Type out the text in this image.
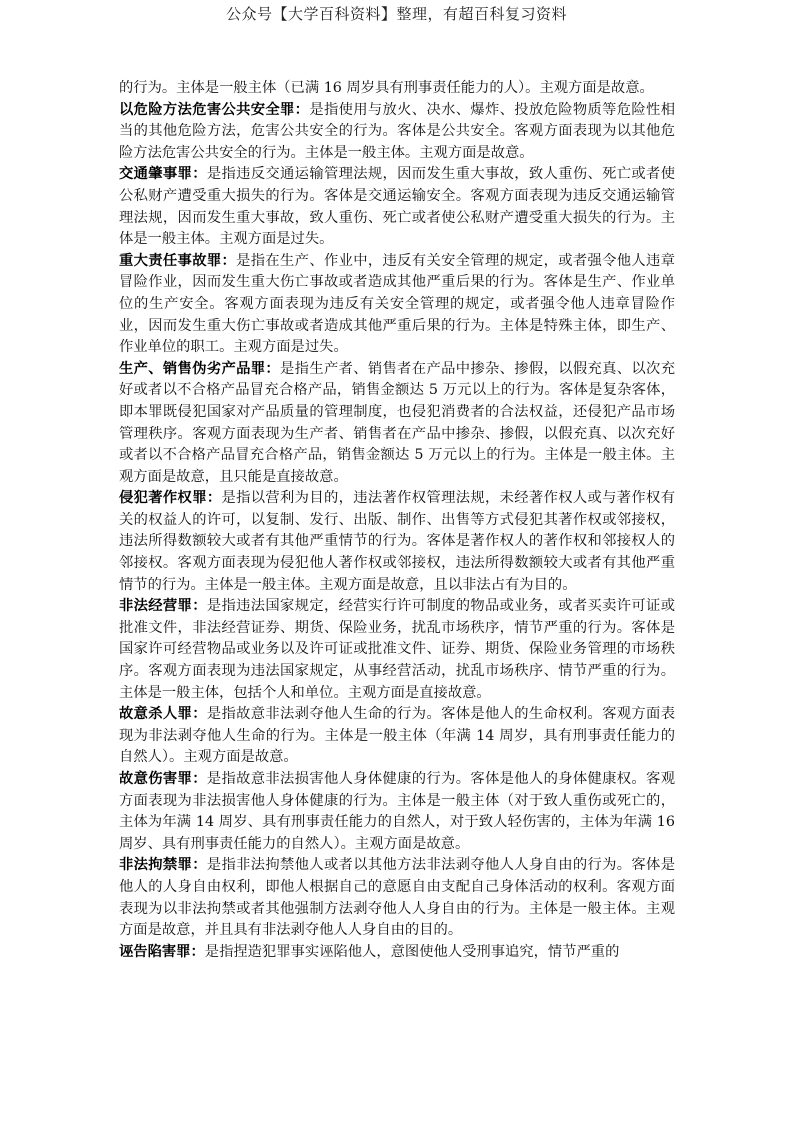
公众号【大学百科资料】整理，有超百科复习资料

的行为。主体是一般主体（已满 16 周岁具有刑事责任能力的人）。主观方面是故意。

以危险方法危害公共安全罪：是指使用与放火、决水、爆炸、投放危险物质等危险性相当的其他危险方法，危害公共安全的行为。客体是公共安全。客观方面表现为以其他危险方法危害公共安全的行为。主体是一般主体。主观方面是故意。

交通肇事罪：是指违反交通运输管理法规，因而发生重大事故，致人重伤、死亡或者使公私财产遭受重大损失的行为。客体是交通运输安全。客观方面表现为违反交通运输管理法规，因而发生重大事故，致人重伤、死亡或者使公私财产遭受重大损失的行为。主体是一般主体。主观方面是过失。

重大责任事故罪：是指在生产、作业中，违反有关安全管理的规定，或者强令他人违章冒险作业，因而发生重大伤亡事故或者造成其他严重后果的行为。客体是生产、作业单位的生产安全。客观方面表现为违反有关安全管理的规定，或者强令他人违章冒险作业，因而发生重大伤亡事故或者造成其他严重后果的行为。主体是特殊主体，即生产、作业单位的职工。主观方面是过失。

生产、销售伪劣产品罪：是指生产者、销售者在产品中掺杂、掺假，以假充真、以次充好或者以不合格产品冒充合格产品，销售金额达 5 万元以上的行为。客体是复杂客体，即本罪既侵犯国家对产品质量的管理制度，也侵犯消费者的合法权益，还侵犯产品市场管理秩序。客观方面表现为生产者、销售者在产品中掺杂、掺假，以假充真、以次充好或者以不合格产品冒充合格产品，销售金额达 5 万元以上的行为。主体是一般主体。主观方面是故意，且只能是直接故意。

侵犯著作权罪：是指以营利为目的，违法著作权管理法规，未经著作权人或与著作权有关的权益人的许可，以复制、发行、出版、制作、出售等方式侵犯其著作权或邻接权，违法所得数额较大或者有其他严重情节的行为。客体是著作权人的著作权和邻接权人的邻接权。客观方面表现为侵犯他人著作权或邻接权，违法所得数额较大或者有其他严重情节的行为。主体是一般主体。主观方面是故意，且以非法占有为目的。

非法经营罪：是指违法国家规定，经营实行许可制度的物品或业务，或者买卖许可证或批准文件，非法经营证券、期货、保险业务，扰乱市场秩序，情节严重的行为。客体是国家许可经营物品或业务以及许可证或批准文件、证券、期货、保险业务管理的市场秩序。客观方面表现为违法国家规定，从事经营活动，扰乱市场秩序、情节严重的行为。主体是一般主体，包括个人和单位。主观方面是直接故意。

故意杀人罪：是指故意非法剥夺他人生命的行为。客体是他人的生命权利。客观方面表现为非法剥夺他人生命的行为。主体是一般主体（年满 14 周岁，具有刑事责任能力的自然人）。主观方面是故意。

故意伤害罪：是指故意非法损害他人身体健康的行为。客体是他人的身体健康权。客观方面表现为非法损害他人身体健康的行为。主体是一般主体（对于致人重伤或死亡的，主体为年满 14 周岁、具有刑事责任能力的自然人，对于致人轻伤害的，主体为年满 16 周岁、具有刑事责任能力的自然人）。主观方面是故意。

非法拘禁罪：是指非法拘禁他人或者以其他方法非法剥夺他人人身自由的行为。客体是他人的人身自由权利，即他人根据自己的意愿自由支配自己身体活动的权利。客观方面表现为以非法拘禁或者其他强制方法剥夺他人人身自由的行为。主体是一般主体。主观方面是故意，并且具有非法剥夺他人人身自由的目的。

诬告陷害罪：是指捏造犯罪事实诬陷他人，意图使他人受刑事追究，情节严重的
